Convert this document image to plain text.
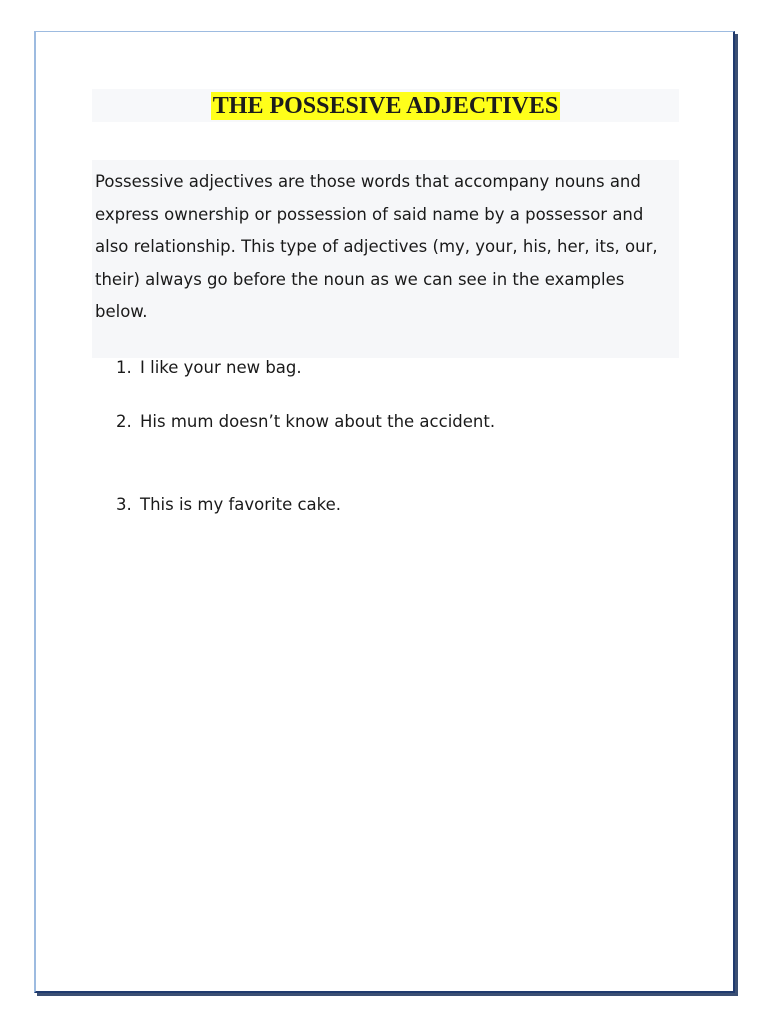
THE POSSESIVE ADJECTIVES

Possessive adjectives are those words that accompany nouns and express ownership or possession of said name by a possessor and also relationship. This type of adjectives (my, your, his, her, its, our, their) always go before the noun as we can see in the examples below.

1. I like your new bag.
2. His mum doesn’t know about the accident.
3. This is my favorite cake.
